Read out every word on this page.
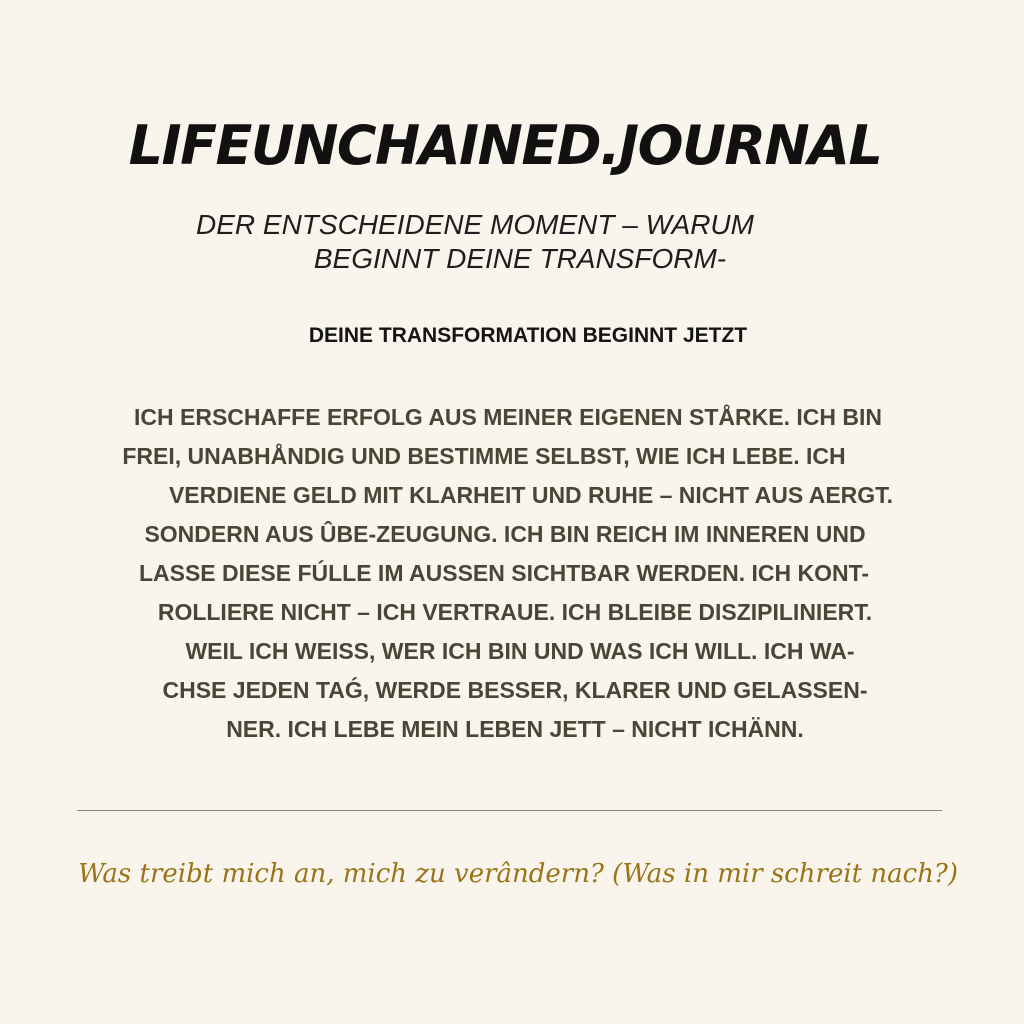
LIFEUNCHAINED.JOURNAL
DER ENTSCHEIDENE MOMENT – WARUM
BEGINNT DEINE TRANSFORM-
DEINE TRANSFORMATION BEGINNT JETZT

ICH ERSCHAFFE ERFOLG AUS MEINER EIGENEN STÅRKE. ICH BIN
FREI, UNABHÅNDIG UND BESTIMME SELBST, WIE ICH LEBE. ICH
VERDIENE GELD MIT KLARHEIT UND RUHE – NICHT AUS AERGT.
SONDERN AUS ÛBE‐ZEUGUNG. ICH BIN REICH IM INNEREN UND
LASSE DIESE FÚLLE IM AUSSEN SICHTBAR WERDEN. ICH KONT-
ROLLIERE NICHT – ICH VERTRAUE. ICH BLEIBE DISZIPILINIERT.
WEIL ICH WEISS, WER ICH BIN UND WAS ICH WILL. ICH WA-
CHSE JEDEN TAǴ, WERDE BESSER, KLARER UND GELASSEN-
NER. ICH LEBE MEIN LEBEN JETT – NICHT ICHÄNN.

Was treibt mich an, mich zu verândern? (Was in mir schreit nach?)
